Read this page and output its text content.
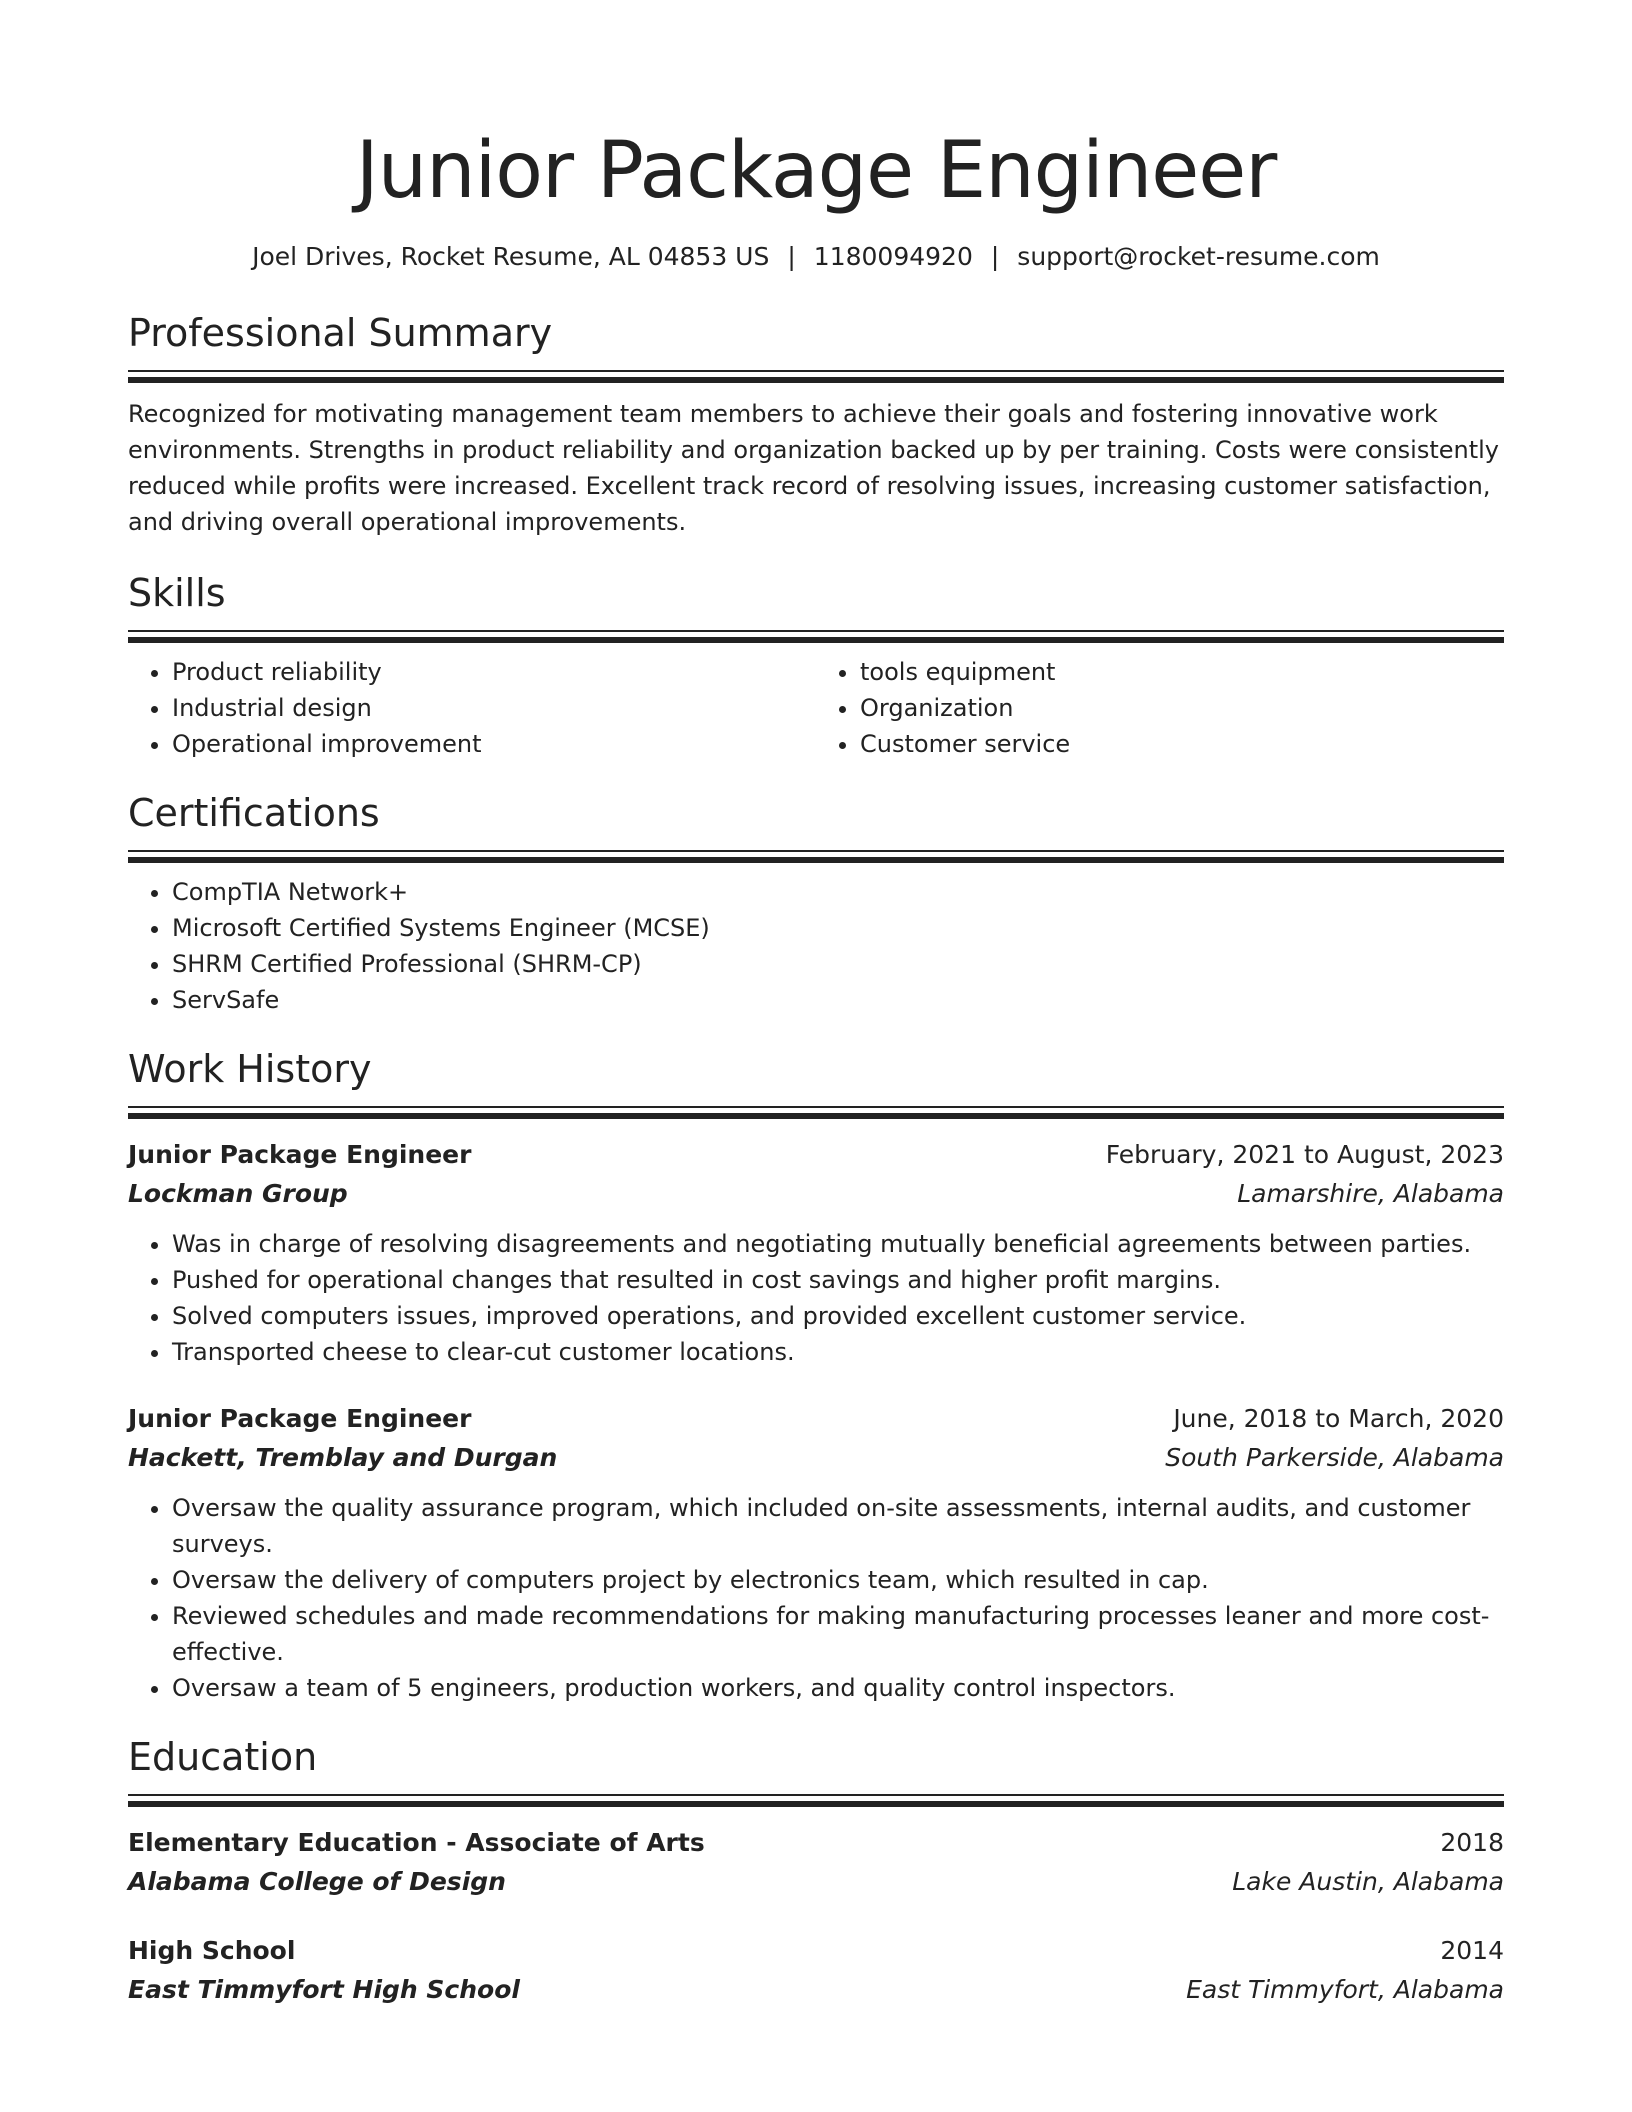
Junior Package Engineer
Joel Drives, Rocket Resume, AL 04853 US | 1180094920 | support@rocket-resume.com
Professional Summary

Recognized for motivating management team members to achieve their goals and fostering innovative work environments. Strengths in product reliability and organization backed up by per training. Costs were consistently reduced while profits were increased. Excellent track record of resolving issues, increasing customer satisfaction, and driving overall operational improvements.

Skills
• Product reliability
• Industrial design
• Operational improvement
• tools equipment
• Organization
• Customer service
Certifications
• CompTIA Network+
• Microsoft Certified Systems Engineer (MCSE)
• SHRM Certified Professional (SHRM-CP)
• ServSafe
Work History
Junior Package Engineer	February, 2021 to August, 2023
Lockman Group	Lamarshire, Alabama
• Was in charge of resolving disagreements and negotiating mutually beneficial agreements between parties.
• Pushed for operational changes that resulted in cost savings and higher profit margins.
• Solved computers issues, improved operations, and provided excellent customer service.
• Transported cheese to clear-cut customer locations.
Junior Package Engineer	June, 2018 to March, 2020
Hackett, Tremblay and Durgan	South Parkerside, Alabama
• Oversaw the quality assurance program, which included on-site assessments, internal audits, and customer surveys.
• Oversaw the delivery of computers project by electronics team, which resulted in cap.
• Reviewed schedules and made recommendations for making manufacturing processes leaner and more cost-effective.
• Oversaw a team of 5 engineers, production workers, and quality control inspectors.
Education
Elementary Education - Associate of Arts	2018
Alabama College of Design	Lake Austin, Alabama
High School	2014
East Timmyfort High School	East Timmyfort, Alabama
